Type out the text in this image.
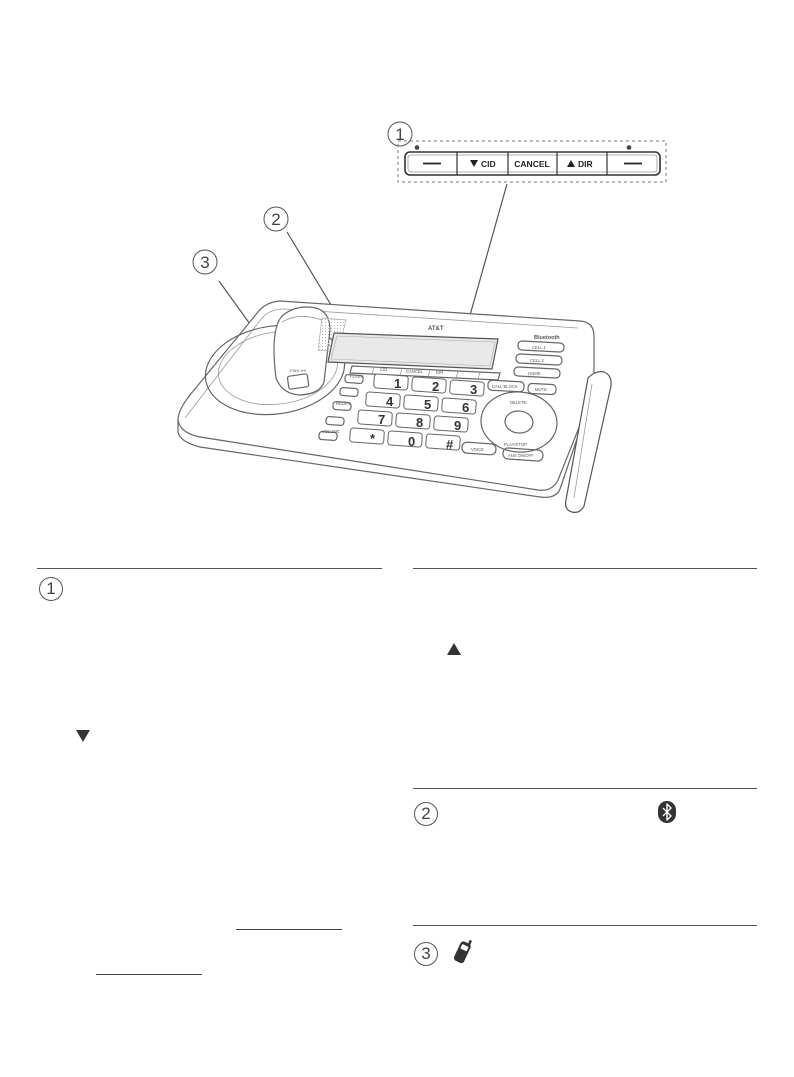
1
2
3
CID CANCEL	DIR
FIND HS
1 2 3
4 5 6
7 8 9
*	0 #
AT&T
Bluetooth
CELL 1
CELL 2
HOME
CID	CANCEL	DIR
CALL BLOCK
MUTE
FLASH
REDIAL
VOLUME
DELETE
PLAY/STOP
VOICE
ANS ON/OFF
1
2
3
